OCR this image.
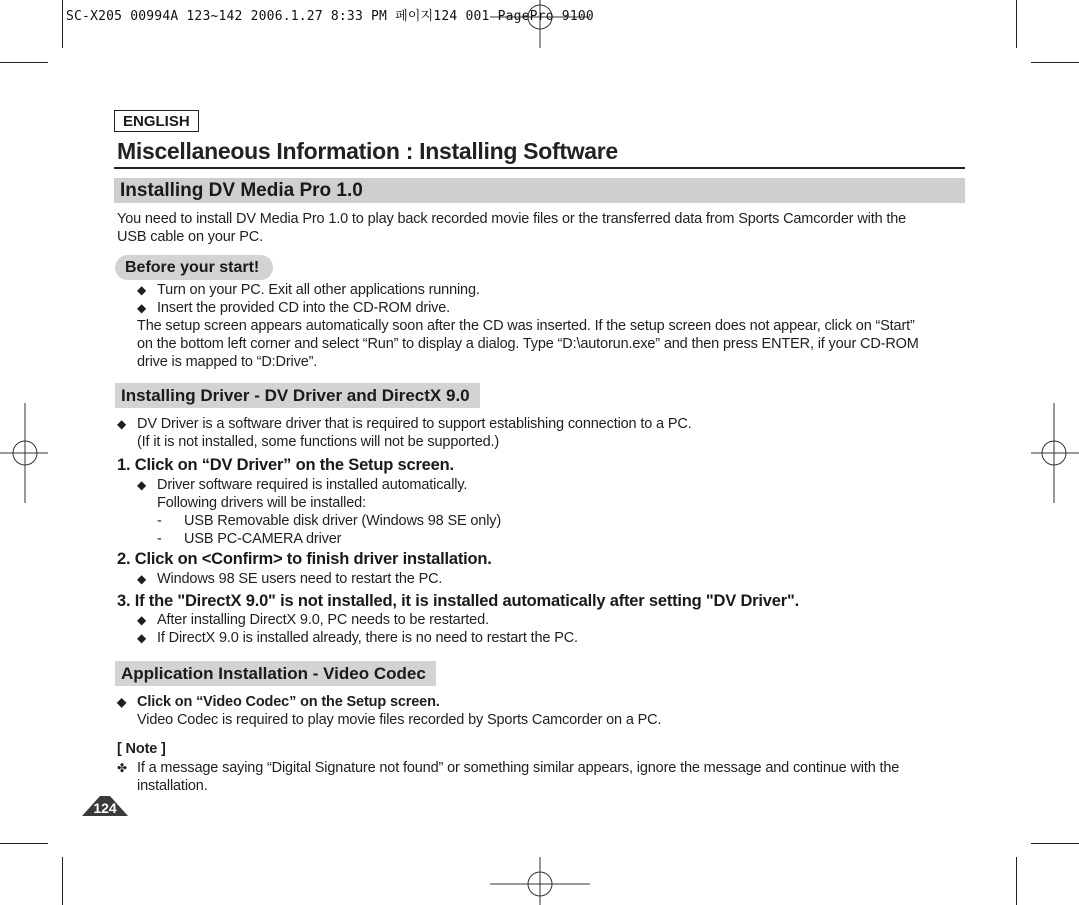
SC-X205 00994A 123~142 2006.1.27 8:33 PM 페이지124 001 PagePro 9100
ENGLISH
Miscellaneous Information : Installing Software
Installing DV Media Pro 1.0
You need to install DV Media Pro 1.0 to play back recorded movie files or the transferred data from Sports Camcorder with the
USB cable on your PC.
Before your start!
◆ Turn on your PC. Exit all other applications running.
◆ Insert the provided CD into the CD-ROM drive.
The setup screen appears automatically soon after the CD was inserted. If the setup screen does not appear, click on “Start”
on the bottom left corner and select “Run” to display a dialog. Type “D:\autorun.exe” and then press ENTER, if your CD-ROM
drive is mapped to “D:Drive”.
Installing Driver - DV Driver and DirectX 9.0
◆ DV Driver is a software driver that is required to support establishing connection to a PC.
(If it is not installed, some functions will not be supported.)
1. Click on “DV Driver” on the Setup screen.
◆ Driver software required is installed automatically.
Following drivers will be installed:
- USB Removable disk driver (Windows 98 SE only)
- USB PC-CAMERA driver
2. Click on <Confirm> to finish driver installation.
◆ Windows 98 SE users need to restart the PC.
3. If the "DirectX 9.0" is not installed, it is installed automatically after setting "DV Driver".
◆ After installing DirectX 9.0, PC needs to be restarted.
◆ If DirectX 9.0 is installed already, there is no need to restart the PC.
Application Installation - Video Codec
◆ Click on “Video Codec” on the Setup screen.
Video Codec is required to play movie files recorded by Sports Camcorder on a PC.
[ Note ]
✤ If a message saying “Digital Signature not found” or something similar appears, ignore the message and continue with the
installation.
124
